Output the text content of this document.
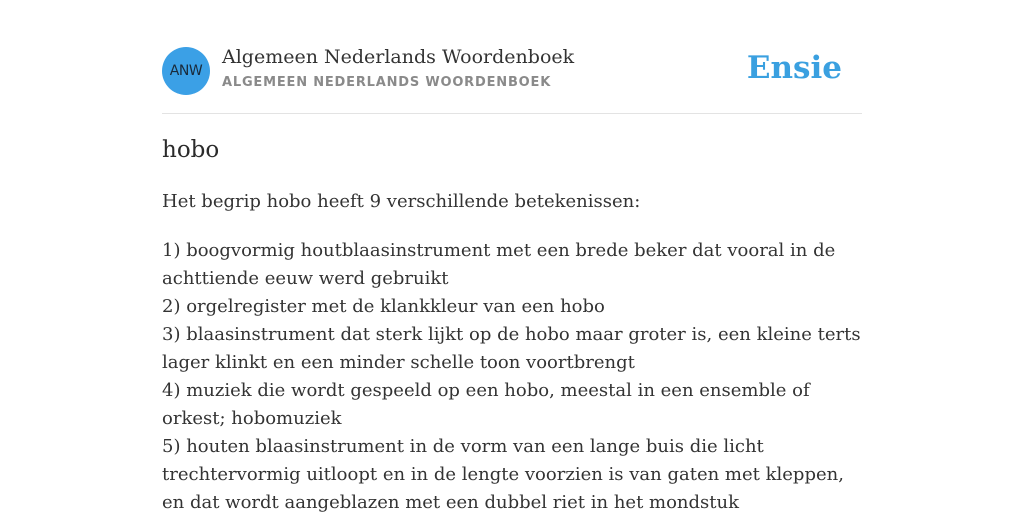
ANW
Algemeen Nederlands Woordenboek
ALGEMEEN NEDERLANDS WOORDENBOEK	Ensie
hobo

Het begrip hobo heeft 9 verschillende betekenissen:

1) boogvormig houtblaasinstrument met een brede beker dat vooral in de achttiende eeuw werd gebruikt
2) orgelregister met de klankkleur van een hobo
3) blaasinstrument dat sterk lijkt op de hobo maar groter is, een kleine terts lager klinkt en een minder schelle toon voortbrengt
4) muziek die wordt gespeeld op een hobo, meestal in een ensemble of orkest; hobomuziek
5) houten blaasinstrument in de vorm van een lange buis die licht trechtervormig uitloopt en in de lengte voorzien is van gaten met kleppen, en dat wordt aangeblazen met een dubbel riet in het mondstuk
